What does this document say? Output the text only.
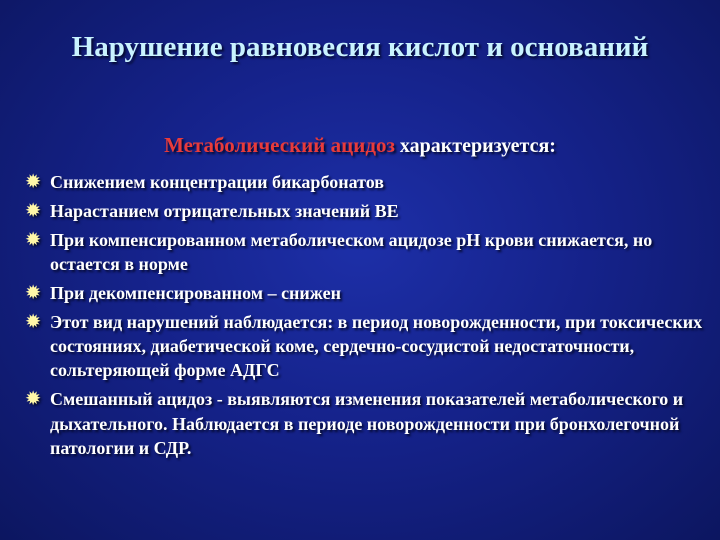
Нарушение равновесия кислот и оснований
Метаболический ацидоз характеризуется:
✹ Снижением концентрации бикарбонатов
✹ Нарастанием отрицательных значений BE
✹ При компенсированном метаболическом ацидозе pH крови снижается, но остается в норме
✹ При декомпенсированном – снижен
✹ Этот вид нарушений наблюдается: в период новорожденности, при токсических состояниях, диабетической коме, сердечно-сосудистой недостаточности, сольтеряющей форме АДГС
✹ Смешанный ацидоз - выявляются изменения показателей метаболического и дыхательного. Наблюдается в периоде новорожденности при бронхолегочной патологии и СДР.
